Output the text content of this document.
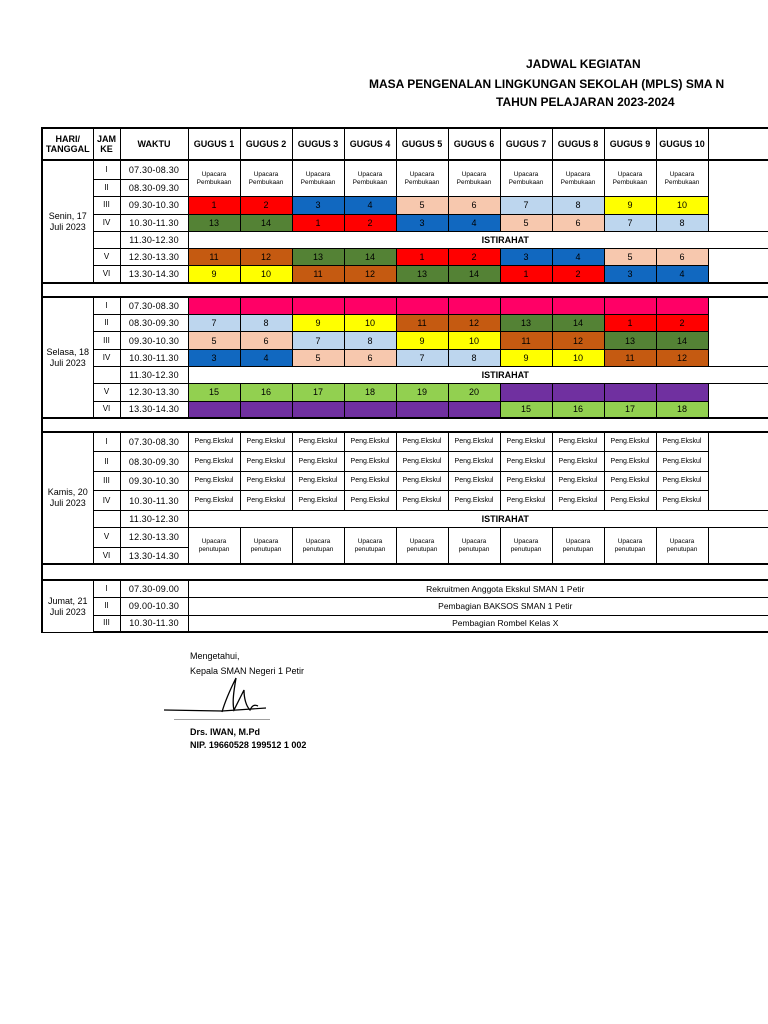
JADWAL KEGIATAN
MASA PENGENALAN LINGKUNGAN SEKOLAH (MPLS) SMA N
TAHUN PELAJARAN 2023-2024
HARI/ TANGGAL	JAM KE	WAKTU	GUGUS 1	GUGUS 2	GUGUS 3	GUGUS 4	GUGUS 5	GUGUS 6	GUGUS 7	GUGUS 8	GUGUS 9	GUGUS 10	
Senin, 17 Juli 2023	I	07.30-08.30	Upacara Pembukaan	Upacara Pembukaan	Upacara Pembukaan	Upacara Pembukaan	Upacara Pembukaan	Upacara Pembukaan	Upacara Pembukaan	Upacara Pembukaan	Upacara Pembukaan	Upacara Pembukaan	
	II	08.30-09.30											
	III	09.30-10.30	1	2	3	4	5	6	7	8	9	10	
	IV	10.30-11.30	13	14	1	2	3	4	5	6	7	8	
		11.30-12.30	ISTIRAHAT										
	V	12.30-13.30	11	12	13	14	1	2	3	4	5	6	
	VI	13.30-14.30	9	10	11	12	13	14	1	2	3	4	

Selasa, 18 Juli 2023	I	07.30-08.30											
	II	08.30-09.30	7	8	9	10	11	12	13	14	1	2	
	III	09.30-10.30	5	6	7	8	9	10	11	12	13	14	
	IV	10.30-11.30	3	4	5	6	7	8	9	10	11	12	
		11.30-12.30	ISTIRAHAT										
	V	12.30-13.30	15	16	17	18	19	20					
	VI	13.30-14.30							15	16	17	18	

Kamis, 20 Juli 2023	I	07.30-08.30	Peng.Ekskul	Peng.Ekskul	Peng.Ekskul	Peng.Ekskul	Peng.Ekskul	Peng.Ekskul	Peng.Ekskul	Peng.Ekskul	Peng.Ekskul	Peng.Ekskul	
	II	08.30-09.30	Peng.Ekskul	Peng.Ekskul	Peng.Ekskul	Peng.Ekskul	Peng.Ekskul	Peng.Ekskul	Peng.Ekskul	Peng.Ekskul	Peng.Ekskul	Peng.Ekskul	
	III	09.30-10.30	Peng.Ekskul	Peng.Ekskul	Peng.Ekskul	Peng.Ekskul	Peng.Ekskul	Peng.Ekskul	Peng.Ekskul	Peng.Ekskul	Peng.Ekskul	Peng.Ekskul	
	IV	10.30-11.30	Peng.Ekskul	Peng.Ekskul	Peng.Ekskul	Peng.Ekskul	Peng.Ekskul	Peng.Ekskul	Peng.Ekskul	Peng.Ekskul	Peng.Ekskul	Peng.Ekskul	
		11.30-12.30	ISTIRAHAT										
	V	12.30-13.30	Upacara penutupan	Upacara penutupan	Upacara penutupan	Upacara penutupan	Upacara penutupan	Upacara penutupan	Upacara penutupan	Upacara penutupan	Upacara penutupan	Upacara penutupan	
	VI	13.30-14.30											

Jumat, 21 Juli 2023	I	07.30-09.00	Rekruitmen Anggota Ekskul SMAN 1 Petir										
	II	09.00-10.30	Pembagian BAKSOS SMAN 1 Petir										
	III	10.30-11.30	Pembagian Rombel Kelas X										
Mengetahui,
Kepala SMAN Negeri 1 Petir
Drs. IWAN, M.Pd
NIP. 19660528 199512 1 002
